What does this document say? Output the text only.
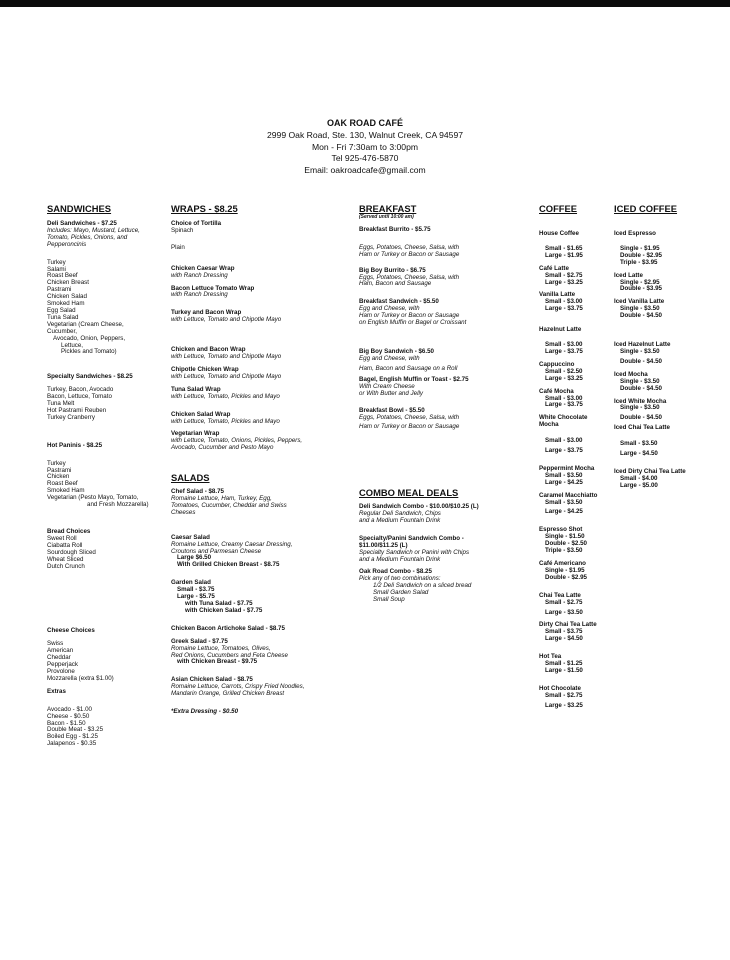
OAK ROAD CAFÉ
2999 Oak Road, Ste. 130, Walnut Creek, CA 94597
Mon - Fri 7:30am to 3:00pm
Tel 925-476-5870
Email: oakroadcafe@gmail.com
SANDWICHES
Deli Sandwiches - $7.25
Includes: Mayo, Mustard, Lettuce,
Tomato, Pickles, Onions, and
Pepperoncinis
Turkey
Salami
Roast Beef
Chicken Breast
Pastrami
Chicken Salad
Smoked Ham
Egg Salad
Tuna Salad
Vegetarian (Cream Cheese,
Cucumber,
Avocado, Onion, Peppers,
Lettuce,
Pickles and Tomato)
Specialty Sandwiches - $8.25
Turkey, Bacon, Avocado
Bacon, Lettuce, Tomato
Tuna Melt
Hot Pastrami Reuben
Turkey Cranberry
Hot Paninis - $8.25
Turkey
Pastrami
Chicken
Roast Beef
Smoked Ham
Vegetarian (Pesto Mayo, Tomato,
and Fresh Mozzarella)
Bread Choices
Sweet Roll
Ciabatta Roll
Sourdough Sliced
Wheat Sliced
Dutch Crunch
Cheese Choices
Swiss
American
Cheddar
Pepperjack
Provolone
Mozzarella (extra $1.00)
Extras
Avocado - $1.00
Cheese - $0.50
Bacon - $1.50
Double Meat - $3.25
Boiled Egg - $1.25
Jalapenos - $0.35
WRAPS - $8.25
Choice of Tortilla
Spinach
Plain
Chicken Caesar Wrap
with Ranch Dressing
Bacon Lettuce Tomato Wrap
with Ranch Dressing
Turkey and Bacon Wrap
with Lettuce, Tomato and Chipotle Mayo
Chicken and Bacon Wrap
with Lettuce, Tomato and Chipotle Mayo
Chipotle Chicken Wrap
with Lettuce, Tomato and Chipotle Mayo
Tuna Salad Wrap
with Lettuce, Tomato, Pickles and Mayo
Chicken Salad Wrap
with Lettuce, Tomato, Pickles and Mayo
Vegetarian Wrap
with Lettuce, Tomato, Onions, Pickles, Peppers,
Avocado, Cucumber and Pesto Mayo
SALADS
Chef Salad - $8.75
Romaine Lettuce, Ham, Turkey, Egg,
Tomatoes, Cucumber, Cheddar and Swiss
Cheeses
Caesar Salad
Romaine Lettuce, Creamy Caesar Dressing,
Croutons and Parmesan Cheese
Large $6.50
With Grilled Chicken Breast - $8.75
Garden Salad
Small - $3.75
Large - $5.75
with Tuna Salad - $7.75
with Chicken Salad - $7.75
Chicken Bacon Artichoke Salad - $8.75
Greek Salad - $7.75
Romaine Lettuce, Tomatoes, Olives,
Red Onions, Cucumbers and Feta Cheese
with Chicken Breast - $9.75
Asian Chicken Salad - $8.75
Romaine Lettuce, Carrots, Crispy Fried Noodles,
Mandarin Orange, Grilled Chicken Breast
*Extra Dressing - $0.50
BREAKFAST
(Served until 10:00 am)
Breakfast Burrito - $5.75
Eggs, Potatoes, Cheese, Salsa, with
Ham or Turkey or Bacon or Sausage
Big Boy Burrito - $6.75
Eggs, Potatoes, Cheese, Salsa, with
Ham, Bacon and Sausage
Breakfast Sandwich - $5.50
Egg and Cheese, with
Ham or Turkey or Bacon or Sausage
on English Muffin or Bagel or Croissant
Big Boy Sandwich - $6.50
Egg and Cheese, with
Ham, Bacon and Sausage on a Roll
Bagel, English Muffin or Toast - $2.75
With Cream Cheese
or With Butter and Jelly
Breakfast Bowl - $5.50
Eggs, Potatoes, Cheese, Salsa, with
Ham or Turkey or Bacon or Sausage
COMBO MEAL DEALS
Deli Sandwich Combo - $10.00/$10.25 (L)
Regular Deli Sandwich, Chips
and a Medium Fountain Drink
Specialty/Panini Sandwich Combo -
$11.00/$11.25 (L)
Specialty Sandwich or Panini with Chips
and a Medium Fountain Drink
Oak Road Combo - $8.25
Pick any of two combinations:
1/2 Deli Sandwich on a sliced bread
Small Garden Salad
Small Soup
COFFEE
House Coffee
Small - $1.65
Large - $1.95
Café Latte
Small - $2.75
Large - $3.25
Vanilla Latte
Small - $3.00
Large - $3.75
Hazelnut Latte
Small - $3.00
Large - $3.75
Cappuccino
Small - $2.50
Large - $3.25
Café Mocha
Small - $3.00
Large - $3.75
White Chocolate
Mocha
Small - $3.00
Large - $3.75
Peppermint Mocha
Small - $3.50
Large - $4.25
Caramel Macchiatto
Small - $3.50
Large - $4.25
Espresso Shot
Single - $1.50
Double - $2.50
Triple - $3.50
Café Americano
Single - $1.95
Double - $2.95
Chai Tea Latte
Small - $2.75
Large - $3.50
Dirty Chai Tea Latte
Small - $3.75
Large - $4.50
Hot Tea
Small - $1.25
Large - $1.50
Hot Chocolate
Small - $2.75
Large - $3.25
ICED COFFEE
Iced Espresso
Single - $1.95
Double - $2.95
Triple - $3.95
Iced Latte
Single - $2.95
Double - $3.95
Iced Vanilla Latte
Single - $3.50
Double - $4.50
Iced Hazelnut Latte
Single - $3.50
Double - $4.50
Iced Mocha
Single - $3.50
Double - $4.50
Iced White Mocha
Single - $3.50
Double - $4.50
Iced Chai Tea Latte
Small - $3.50
Large - $4.50
Iced Dirty Chai Tea Latte
Small - $4.00
Large - $5.00
